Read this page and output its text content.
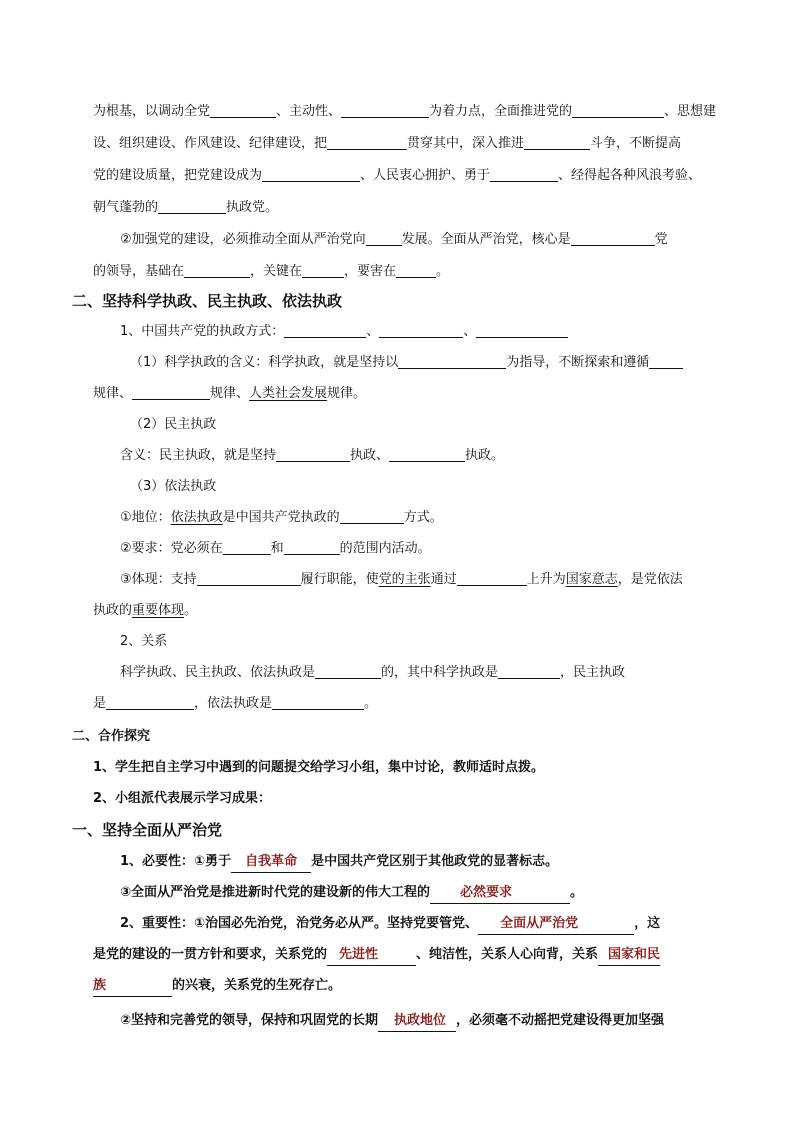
为根基，以调动全党	、主动性、	为着力点，全面推进党的	、思想建
设、组织建设、作风建设、纪律建设，把	贯穿其中，深入推进	斗争，不断提高
党的建设质量，把党建设成为	、人民衷心拥护、勇于	、经得起各种风浪考验、
朝气蓬勃的	执政党。
②加强党的建设，必须推动全面从严治党向	发展。全面从严治党，核心是	党
的领导，基础在	，关键在	，要害在	。
二、坚持科学执政、民主执政、依法执政
1、中国共产党的执政方式：	、	、
（1）科学执政的含义：科学执政，就是坚持以	为指导，不断探索和遵循
规律、	规律、人类社会发展规律。
（2）民主执政
含义：民主执政，就是坚持	执政、	执政。
（3）依法执政
①地位：依法执政是中国共产党执政的	方式。
②要求：党必须在	和	的范围内活动。
③体现：支持	履行职能，使党的主张通过	上升为国家意志，是党依法
执政的重要体现。
2、关系
科学执政、民主执政、依法执政是	的，其中科学执政是	，民主执政
是	，依法执政是	。
二、合作探究
1、学生把自主学习中遇到的问题提交给学习小组，集中讨论，教师适时点拨。
2、小组派代表展示学习成果：
一、坚持全面从严治党
1、必要性：①勇于 自我革命 是中国共产党区别于其他政党的显著标志。
③全面从严治党是推进新时代党的建设新的伟大工程的 必然要求	。
2、重要性：①治国必先治党，治党务必从严。坚持党要管党、 全面从严治党	，这
是党的建设的一贯方针和要求，关系党的 先进性	、纯洁性，关系人心向背，关系 国家和民
族	的兴衰，关系党的生死存亡。
②坚持和完善党的领导，保持和巩固党的长期 执政地位 ，必须毫不动摇把党建设得更加坚强
